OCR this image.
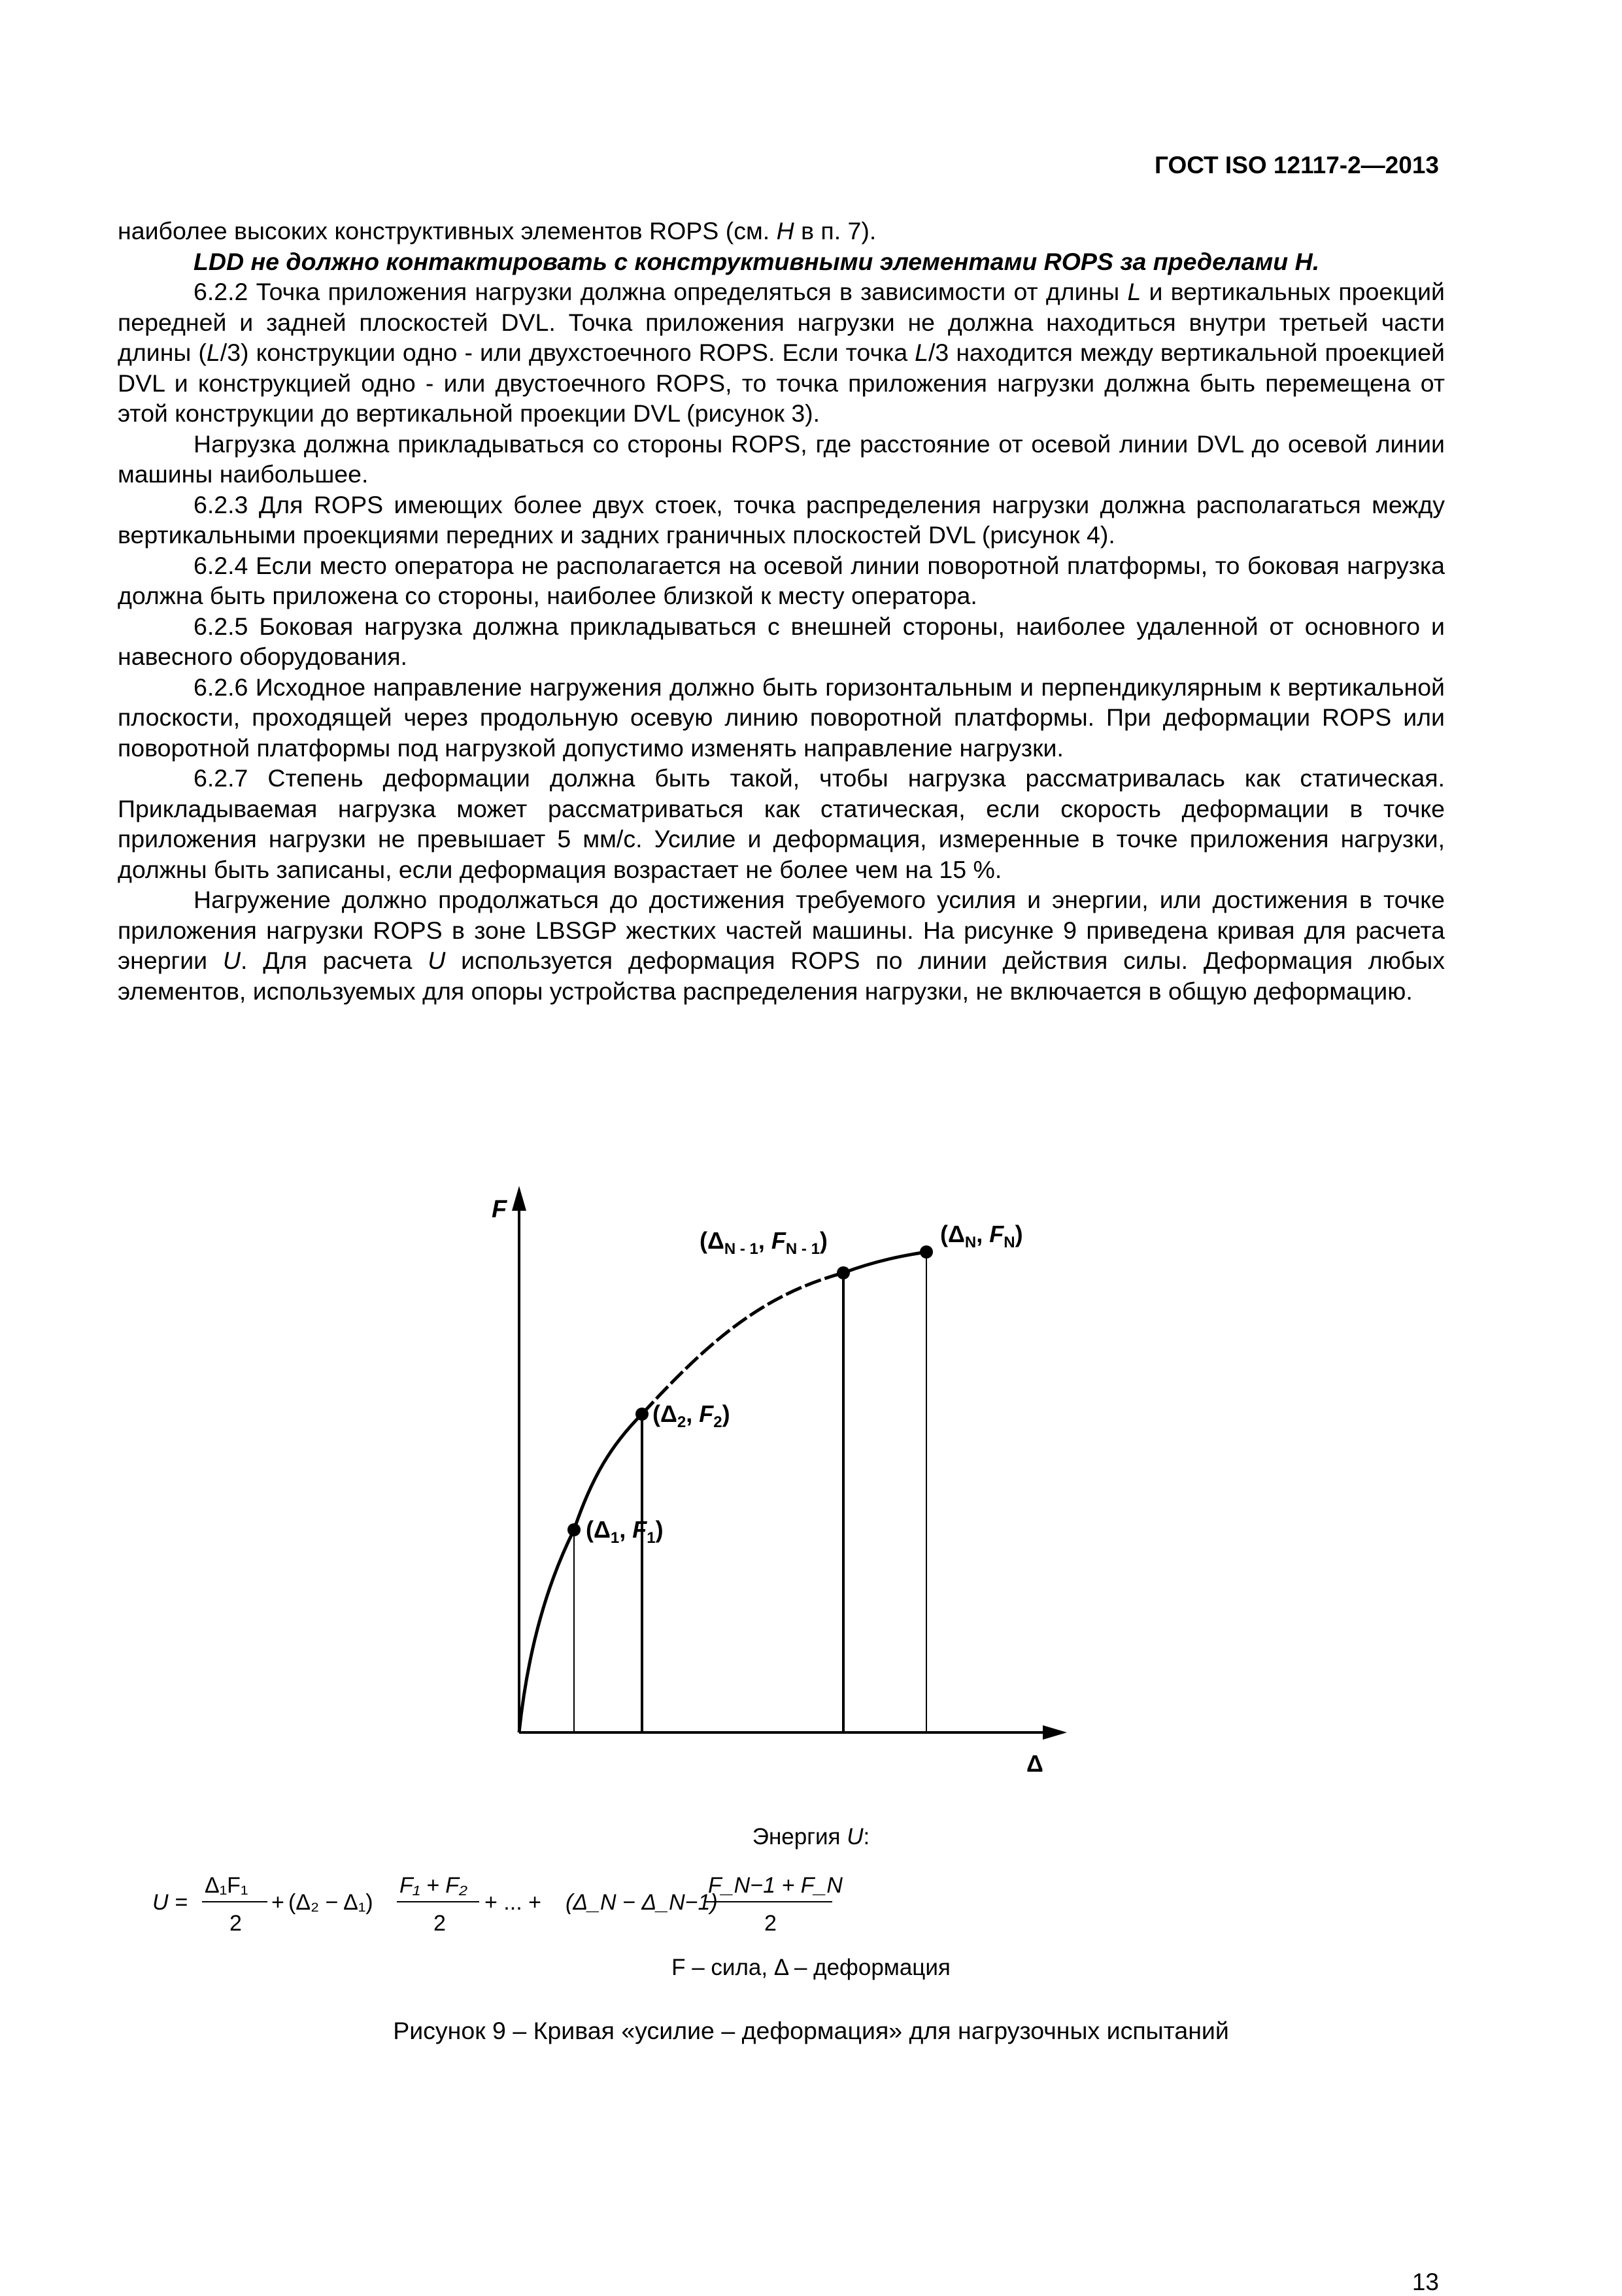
ГОСТ ISO 12117-2—2013

наиболее высоких конструктивных элементов ROPS (см. H в п. 7).

LDD не должно контактировать с конструктивными элементами ROPS за пределами H.

6.2.2 Точка приложения нагрузки должна определяться в зависимости от длины L и вертикальных проекций передней и задней плоскостей DVL. Точка приложения нагрузки не должна находиться внутри третьей части длины (L/3) конструкции одно - или двухстоечного ROPS. Если точка L/3 находится между вертикальной проекцией DVL и конструкцией одно - или двустоечного ROPS, то точка приложения нагрузки должна быть перемещена от этой конструкции до вертикальной проекции DVL (рисунок 3).

Нагрузка должна прикладываться со стороны ROPS, где расстояние от осевой линии DVL до осевой линии машины наибольшее.

6.2.3 Для ROPS имеющих более двух стоек, точка распределения нагрузки должна располагаться между вертикальными проекциями передних и задних граничных плоскостей DVL (рисунок 4).

6.2.4 Если место оператора не располагается на осевой линии поворотной платформы, то боковая нагрузка должна быть приложена со стороны, наиболее близкой к месту оператора.

6.2.5 Боковая нагрузка должна прикладываться с внешней стороны, наиболее удаленной от основного и навесного оборудования.

6.2.6 Исходное направление нагружения должно быть горизонтальным и перпендикулярным к вертикальной плоскости, проходящей через продольную осевую линию поворотной платформы. При деформации ROPS или поворотной платформы под нагрузкой допустимо изменять направление нагрузки.

6.2.7 Степень деформации должна быть такой, чтобы нагрузка рассматривалась как статическая. Прикладываемая нагрузка может рассматриваться как статическая, если скорость деформации в точке приложения нагрузки не превышает 5 мм/с. Усилие и деформация, измеренные в точке приложения нагрузки, должны быть записаны, если деформация возрастает не более чем на 15 %.

Нагружение должно продолжаться до достижения требуемого усилия и энергии, или достижения в точке приложения нагрузки ROPS в зоне LBSGP жестких частей машины. На рисунке 9 приведена кривая для расчета энергии U. Для расчета U используется деформация ROPS по линии действия силы. Деформация любых элементов, используемых для опоры устройства распределения нагрузки, не включается в общую деформацию.

F
Δ
($\Delta_1$, $F_1$)
($\Delta_2$, $F_2$)
($\Delta_{N - 1}$, $F_{N - 1}$)	($\Delta_N$, $F_N$)
Энергия U:
U =
Δ₁F₁
2
+ (Δ₂ − Δ₁)
F₁ + F₂
2
+ ... + (Δ_N − Δ_N−1)
F_N−1 + F_N
2
F – сила, Δ – деформация
Рисунок 9 – Кривая «усилие – деформация» для нагрузочных испытаний
13
